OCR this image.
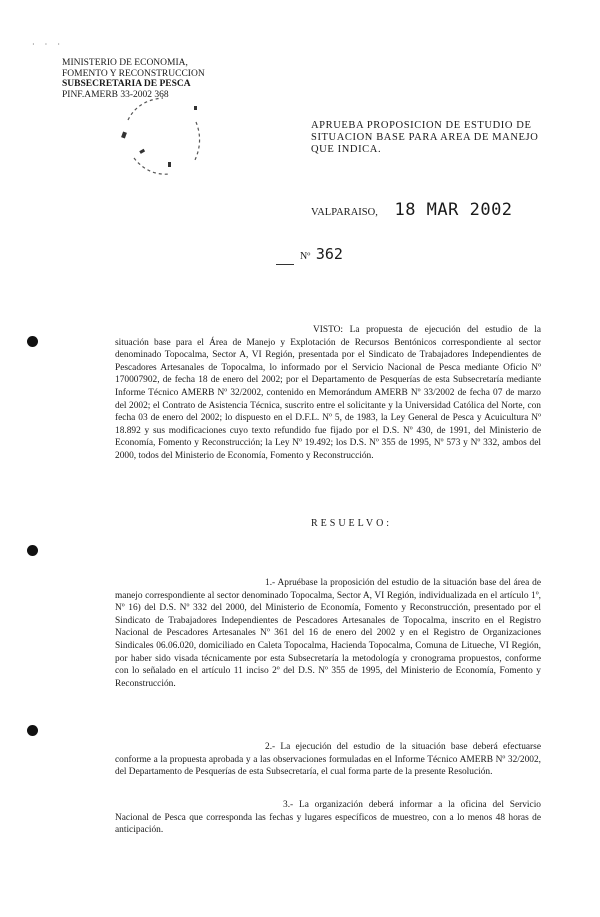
· · ·
MINISTERIO DE ECONOMIA,
FOMENTO Y RECONSTRUCCION
SUBSECRETARIA DE PESCA
PINF.AMERB 33-2002 368
APRUEBA PROPOSICION DE ESTUDIO DE
SITUACION BASE PARA AREA DE MANEJO
QUE INDICA.
VALPARAISO, 18 MAR 2002
Nº 362
VISTO: La propuesta de ejecución del estudio de la situación base para el Área de Manejo y Explotación de Recursos Bentónicos correspondiente al sector denominado Topocalma, Sector A, VI Región, presentada por el Sindicato de Trabajadores Independientes de Pescadores Artesanales de Topocalma, lo informado por el Servicio Nacional de Pesca mediante Oficio Nº 170007902, de fecha 18 de enero del 2002; por el Departamento de Pesquerías de esta Subsecretaría mediante Informe Técnico AMERB Nº 32/2002, contenido en Memorándum AMERB Nº 33/2002 de fecha 07 de marzo del 2002; el Contrato de Asistencia Técnica, suscrito entre el solicitante y la Universidad Católica del Norte, con fecha 03 de enero del 2002; lo dispuesto en el D.F.L. Nº 5, de 1983, la Ley General de Pesca y Acuicultura Nº 18.892 y sus modificaciones cuyo texto refundido fue fijado por el D.S. Nº 430, de 1991, del Ministerio de Economía, Fomento y Reconstrucción; la Ley Nº 19.492; los D.S. Nº 355 de 1995, Nº 573 y Nº 332, ambos del 2000, todos del Ministerio de Economía, Fomento y Reconstrucción.
RESUELVO:
1.- Apruébase la proposición del estudio de la situación base del área de manejo correspondiente al sector denominado Topocalma, Sector A, VI Región, individualizada en el artículo 1º, Nº 16) del D.S. Nº 332 del 2000, del Ministerio de Economía, Fomento y Reconstrucción, presentado por el Sindicato de Trabajadores Independientes de Pescadores Artesanales de Topocalma, inscrito en el Registro Nacional de Pescadores Artesanales Nº 361 del 16 de enero del 2002 y en el Registro de Organizaciones Sindicales 06.06.020, domiciliado en Caleta Topocalma, Hacienda Topocalma, Comuna de Litueche, VI Región, por haber sido visada técnicamente por esta Subsecretaría la metodología y cronograma propuestos, conforme con lo señalado en el artículo 11 inciso 2º del D.S. Nº 355 de 1995, del Ministerio de Economía, Fomento y Reconstrucción.
2.- La ejecución del estudio de la situación base deberá efectuarse conforme a la propuesta aprobada y a las observaciones formuladas en el Informe Técnico AMERB Nº 32/2002, del Departamento de Pesquerías de esta Subsecretaría, el cual forma parte de la presente Resolución.
3.- La organización deberá informar a la oficina del Servicio Nacional de Pesca que corresponda las fechas y lugares específicos de muestreo, con a lo menos 48 horas de anticipación.
